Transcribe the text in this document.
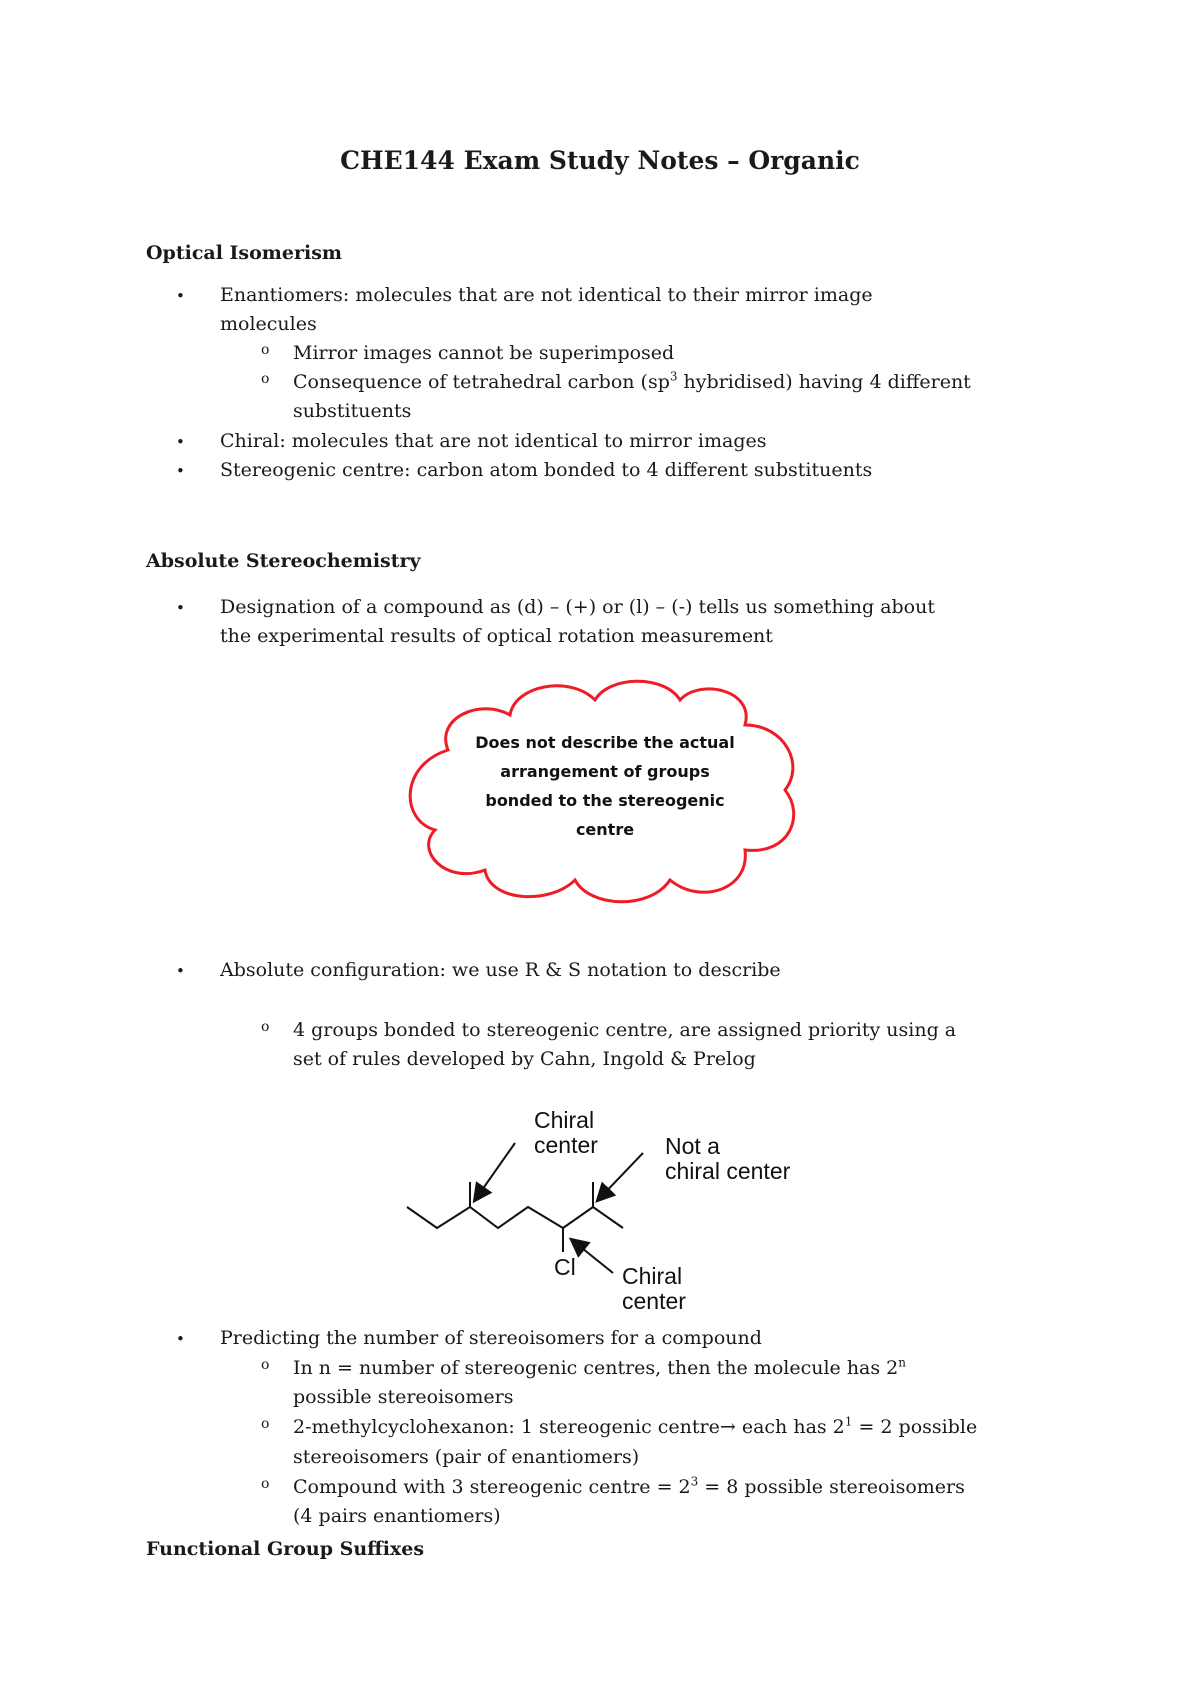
CHE144 Exam Study Notes – Organic
Optical Isomerism
• Enantiomers: molecules that are not identical to their mirror image
molecules
o Mirror images cannot be superimposed
o Consequence of tetrahedral carbon ($sp^3$ hybridised) having 4 different
substituents
• Chiral: molecules that are not identical to mirror images
• Stereogenic centre: carbon atom bonded to 4 different substituents
Absolute Stereochemistry
• Designation of a compound as (d) – (+) or (l) – (-) tells us something about
the experimental results of optical rotation measurement
Does not describe the actual
arrangement of groups
bonded to the stereogenic
centre
• Absolute configuration: we use R & S notation to describe
o 4 groups bonded to stereogenic centre, are assigned priority using a
set of rules developed by Cahn, Ingold & Prelog
Chiral
center	Not a
chiral center
Cl Chiral
center
• Predicting the number of stereoisomers for a compound
o In n = number of stereogenic centres, then the molecule has 2$^n$
possible stereoisomers
o 2-methylcyclohexanon: 1 stereogenic centre→ each has $2^1 = 2$ possible
stereoisomers (pair of enantiomers)
o Compound with 3 stereogenic centre = $2^3 = 8$ possible stereoisomers
(4 pairs enantiomers)
Functional Group Suffixes
